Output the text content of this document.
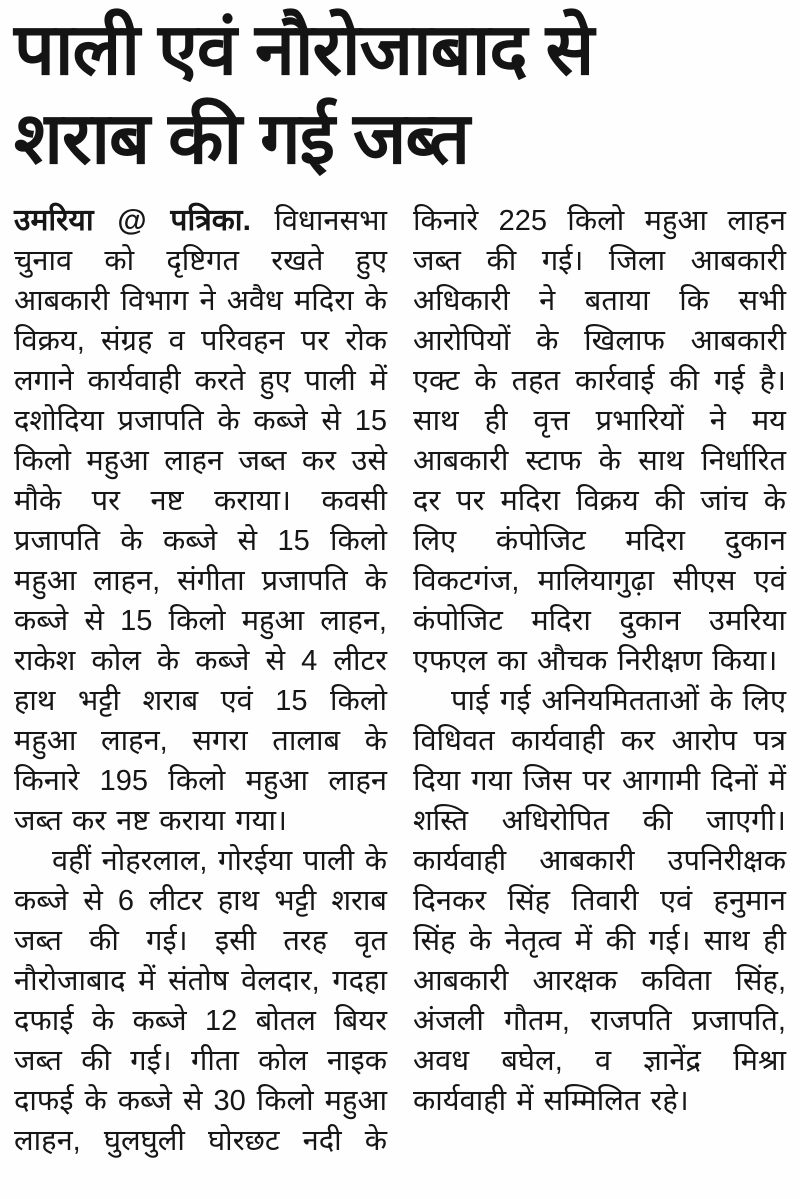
पाली एवं नौरोजाबाद से
शराब की गई जब्त

उमरिया @ पत्रिका. विधानसभा चुनाव को दृष्टिगत रखते हुए आबकारी विभाग ने अवैध मदिरा के विक्रय, संग्रह व परिवहन पर रोक लगाने कार्यवाही करते हुए पाली में दशोदिया प्रजापति के कब्जे से 15 किलो महुआ लाहन जब्त कर उसे मौके पर नष्ट कराया। कवसी प्रजापति के कब्जे से 15 किलो महुआ लाहन, संगीता प्रजापति के कब्जे से 15 किलो महुआ लाहन, राकेश कोल के कब्जे से 4 लीटर हाथ भट्टी शराब एवं 15 किलो महुआ लाहन, सगरा तालाब के किनारे 195 किलो महुआ लाहन जब्त कर नष्ट कराया गया।

वहीं नोहरलाल, गोरईया पाली के कब्जे से 6 लीटर हाथ भट्टी शराब जब्त की गई। इसी तरह वृत नौरोजाबाद में संतोष वेलदार, गदहा दफाई के कब्जे 12 बोतल बियर जब्त की गई। गीता कोल नाइक दाफई के कब्जे से 30 किलो महुआ लाहन, घुलघुली घोरछट नदी के

किनारे 225 किलो महुआ लाहन जब्त की गई। जिला आबकारी अधिकारी ने बताया कि सभी आरोपियों के खिलाफ आबकारी एक्ट के तहत कार्रवाई की गई है। साथ ही वृत्त प्रभारियों ने मय आबकारी स्टाफ के साथ निर्धारित दर पर मदिरा विक्रय की जांच के लिए कंपोजिट मदिरा दुकान विकटगंज, मालियागुढ़ा सीएस एवं कंपोजिट मदिरा दुकान उमरिया एफएल का औचक निरीक्षण किया।

पाई गई अनियमितताओं के लिए विधिवत कार्यवाही कर आरोप पत्र दिया गया जिस पर आगामी दिनों में शस्ति अधिरोपित की जाएगी। कार्यवाही आबकारी उपनिरीक्षक दिनकर सिंह तिवारी एवं हनुमान सिंह के नेतृत्व में की गई। साथ ही आबकारी आरक्षक कविता सिंह, अंजली गौतम, राजपति प्रजापति, अवध बघेल, व ज्ञानेंद्र मिश्रा कार्यवाही में सम्मिलित रहे।
